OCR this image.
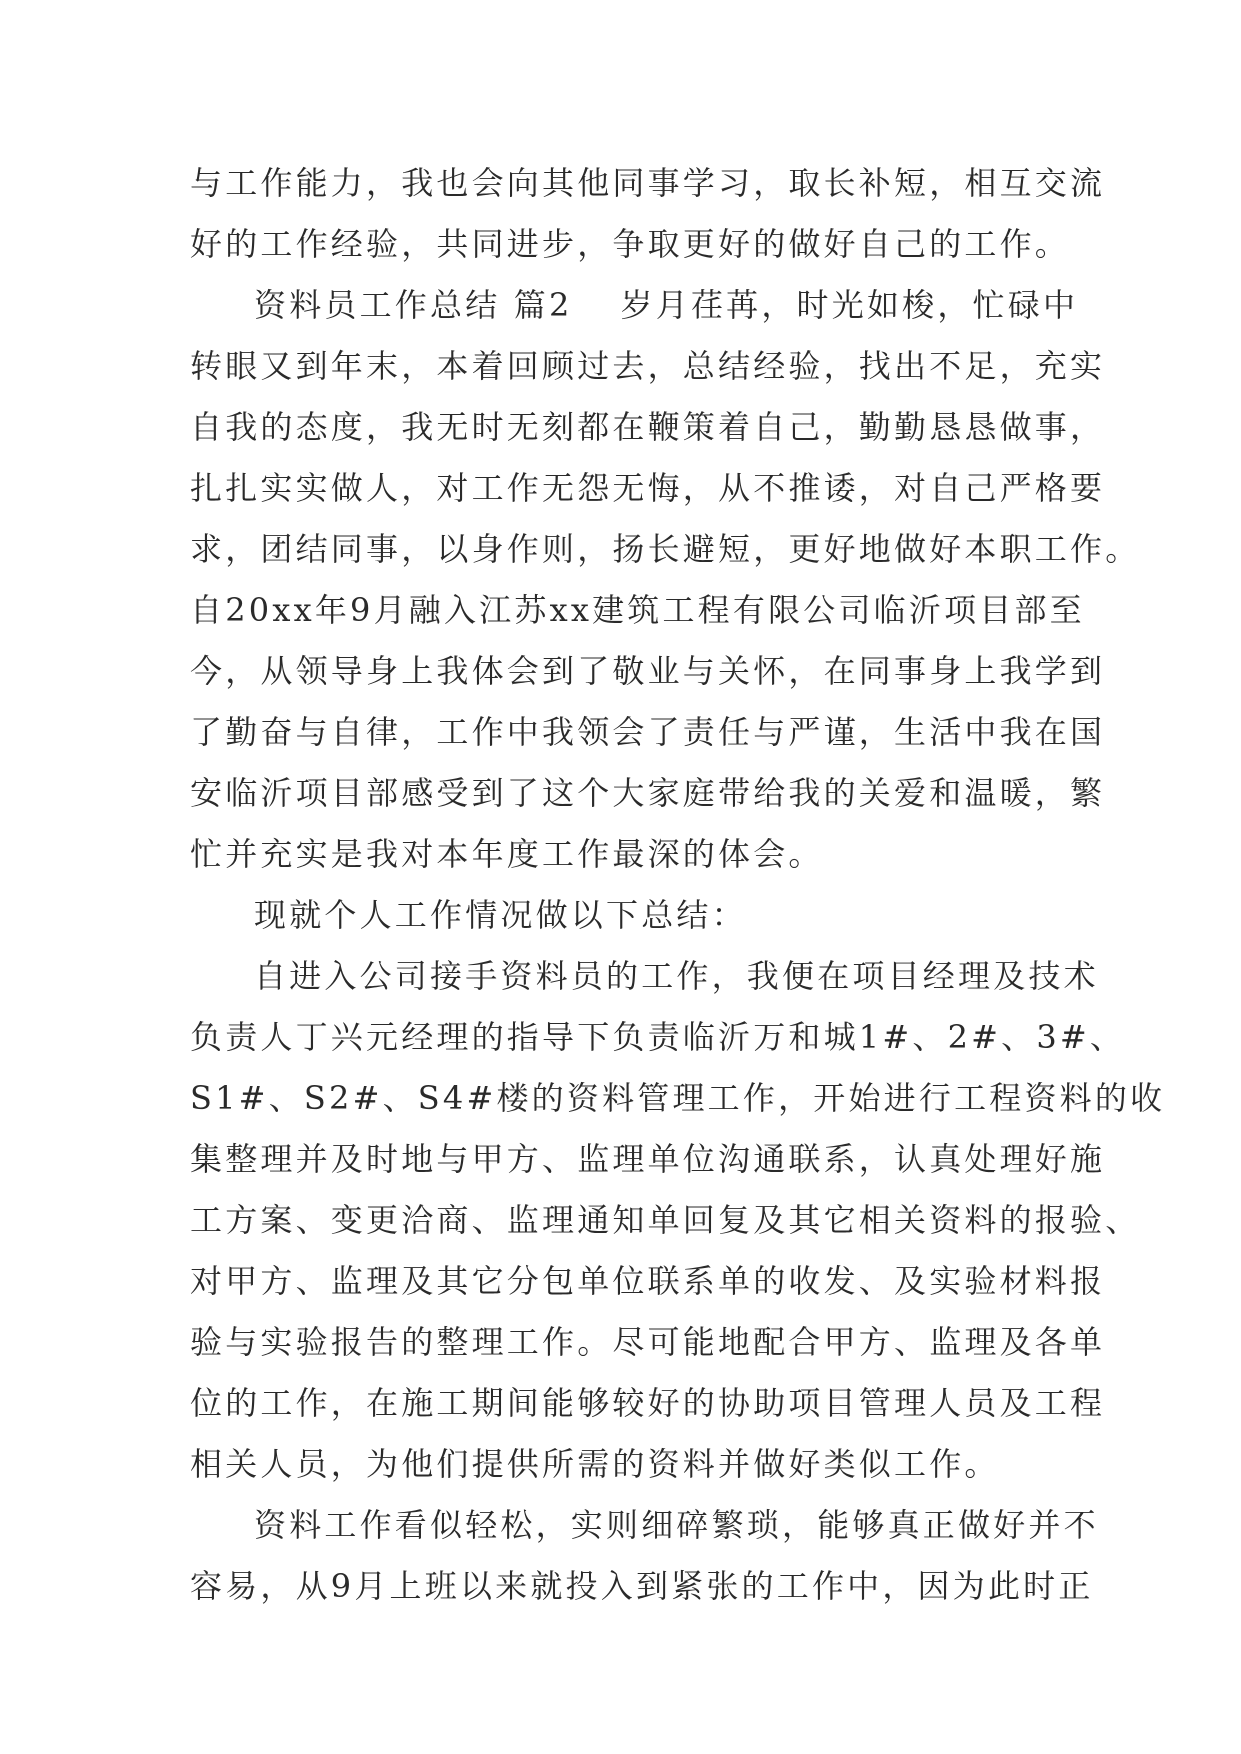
与工作能力，我也会向其他同事学习，取长补短，相互交流
好的工作经验，共同进步，争取更好的做好自己的工作。
资料员工作总结 篇2 岁月荏苒，时光如梭，忙碌中
转眼又到年末，本着回顾过去，总结经验，找出不足，充实
自我的态度，我无时无刻都在鞭策着自己，勤勤恳恳做事，
扎扎实实做人，对工作无怨无悔，从不推诿，对自己严格要
求，团结同事，以身作则，扬长避短，更好地做好本职工作。
自20xx年9月融入江苏xx建筑工程有限公司临沂项目部至
今，从领导身上我体会到了敬业与关怀，在同事身上我学到
了勤奋与自律，工作中我领会了责任与严谨，生活中我在国
安临沂项目部感受到了这个大家庭带给我的关爱和温暖，繁
忙并充实是我对本年度工作最深的体会。
现就个人工作情况做以下总结：
自进入公司接手资料员的工作，我便在项目经理及技术
负责人丁兴元经理的指导下负责临沂万和城1#、2#、3#、
S1#、S2#、S4#楼的资料管理工作，开始进行工程资料的收
集整理并及时地与甲方、监理单位沟通联系，认真处理好施
工方案、变更洽商、监理通知单回复及其它相关资料的报验、
对甲方、监理及其它分包单位联系单的收发、及实验材料报
验与实验报告的整理工作。尽可能地配合甲方、监理及各单
位的工作，在施工期间能够较好的协助项目管理人员及工程
相关人员，为他们提供所需的资料并做好类似工作。
资料工作看似轻松，实则细碎繁琐，能够真正做好并不
容易，从9月上班以来就投入到紧张的工作中，因为此时正
